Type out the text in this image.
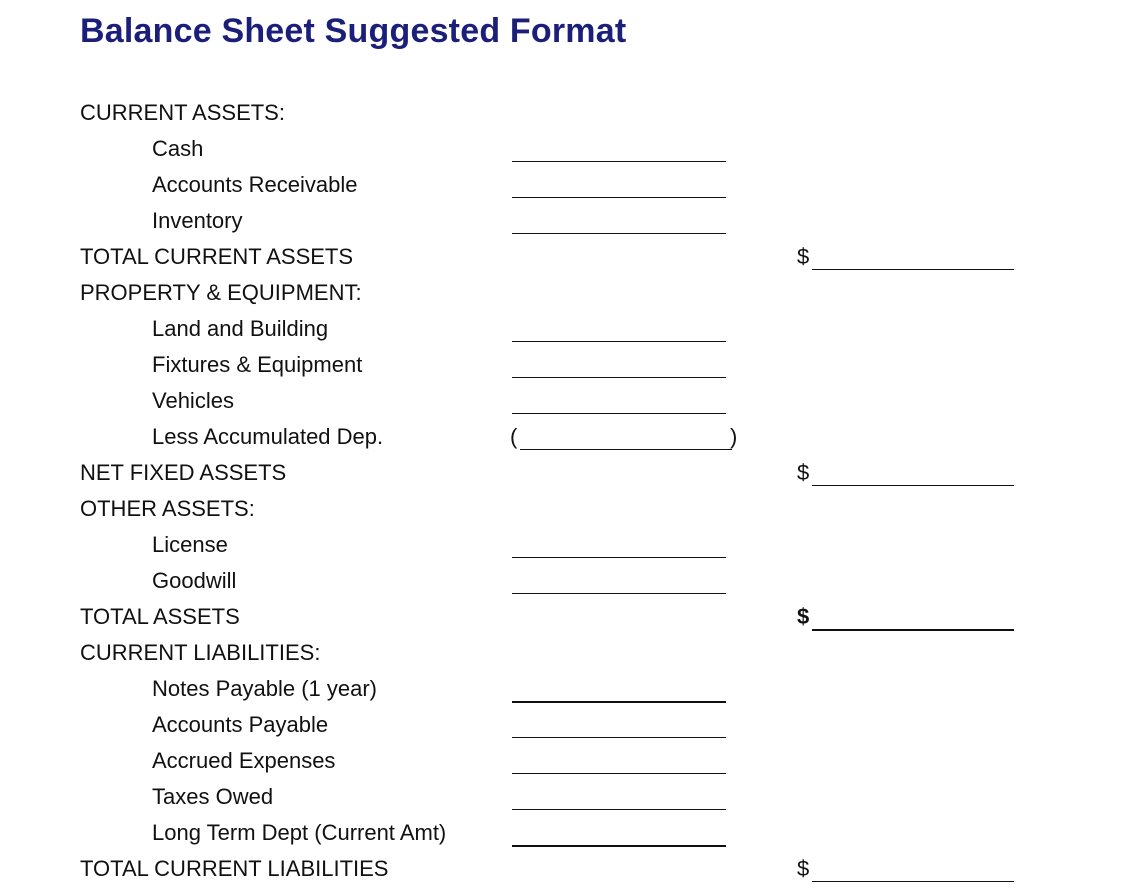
Balance Sheet Suggested Format
CURRENT ASSETS:
Cash
Accounts Receivable
Inventory
TOTAL CURRENT ASSETS	$
PROPERTY & EQUIPMENT:
Land and Building
Fixtures & Equipment
Vehicles
Less Accumulated Dep.	(	)
NET FIXED ASSETS	$
OTHER ASSETS:
License
Goodwill
TOTAL ASSETS	$
CURRENT LIABILITIES:
Notes Payable (1 year)
Accounts Payable
Accrued Expenses
Taxes Owed
Long Term Dept (Current Amt)
TOTAL CURRENT LIABILITIES	$
